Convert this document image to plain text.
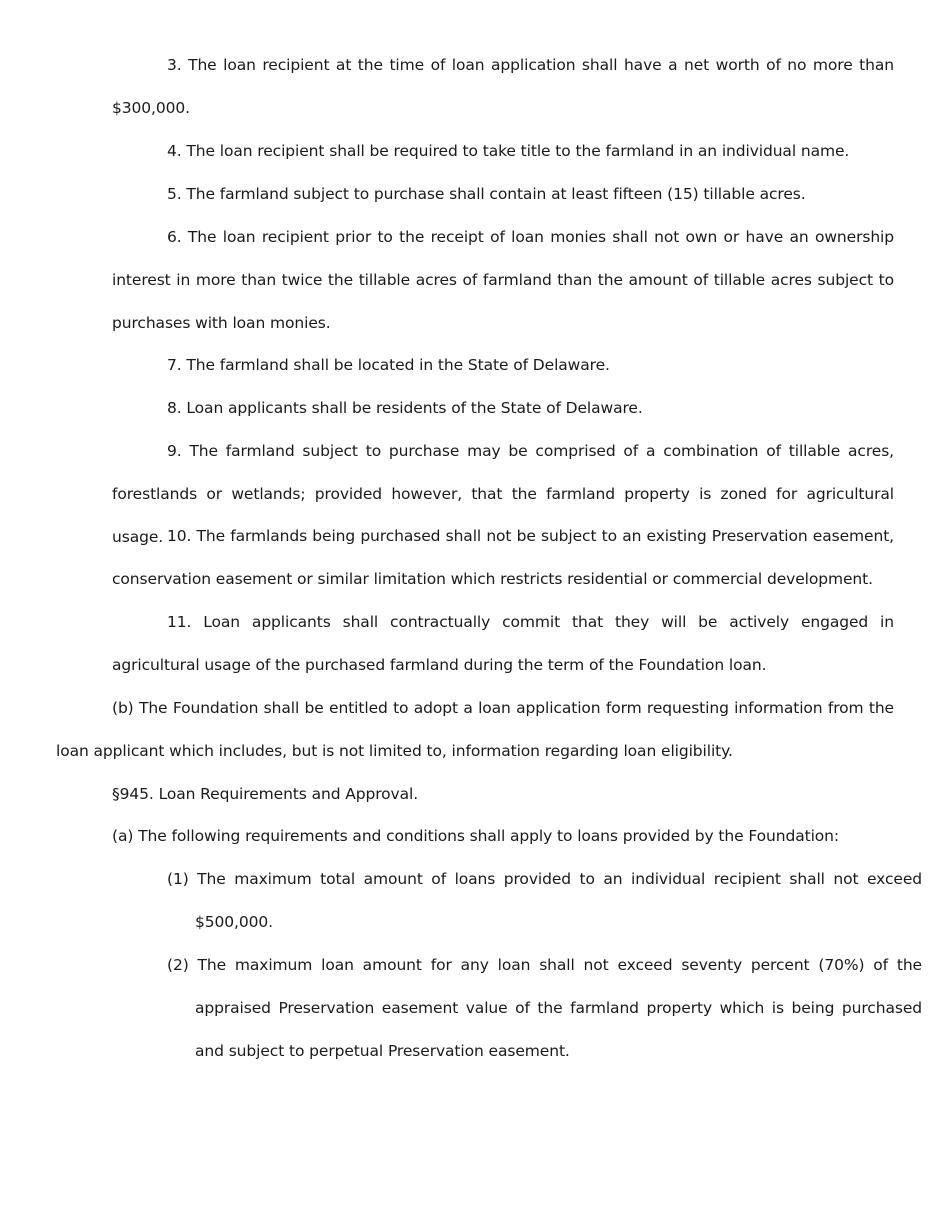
3. The loan recipient at the time of loan application shall have a net worth of no more than $300,000.

4. The loan recipient shall be required to take title to the farmland in an individual name.

5. The farmland subject to purchase shall contain at least fifteen (15) tillable acres.

6. The loan recipient prior to the receipt of loan monies shall not own or have an ownership interest in more than twice the tillable acres of farmland than the amount of tillable acres subject to purchases with loan monies.

7. The farmland shall be located in the State of Delaware.

8. Loan applicants shall be residents of the State of Delaware.

9. The farmland subject to purchase may be comprised of a combination of tillable acres, forestlands or wetlands; provided however, that the farmland property is zoned for agricultural usage. 10. The farmlands being purchased shall not be subject to an existing Preservation easement, conservation easement or similar limitation which restricts residential or commercial development.

11. Loan applicants shall contractually commit that they will be actively engaged in agricultural usage of the purchased farmland during the term of the Foundation loan.

(b) The Foundation shall be entitled to adopt a loan application form requesting information from the loan applicant which includes, but is not limited to, information regarding loan eligibility.

§945. Loan Requirements and Approval.

(a) The following requirements and conditions shall apply to loans provided by the Foundation:

(1) The maximum total amount of loans provided to an individual recipient shall not exceed $500,000.

(2) The maximum loan amount for any loan shall not exceed seventy percent (70%) of the appraised Preservation easement value of the farmland property which is being purchased and subject to perpetual Preservation easement.
